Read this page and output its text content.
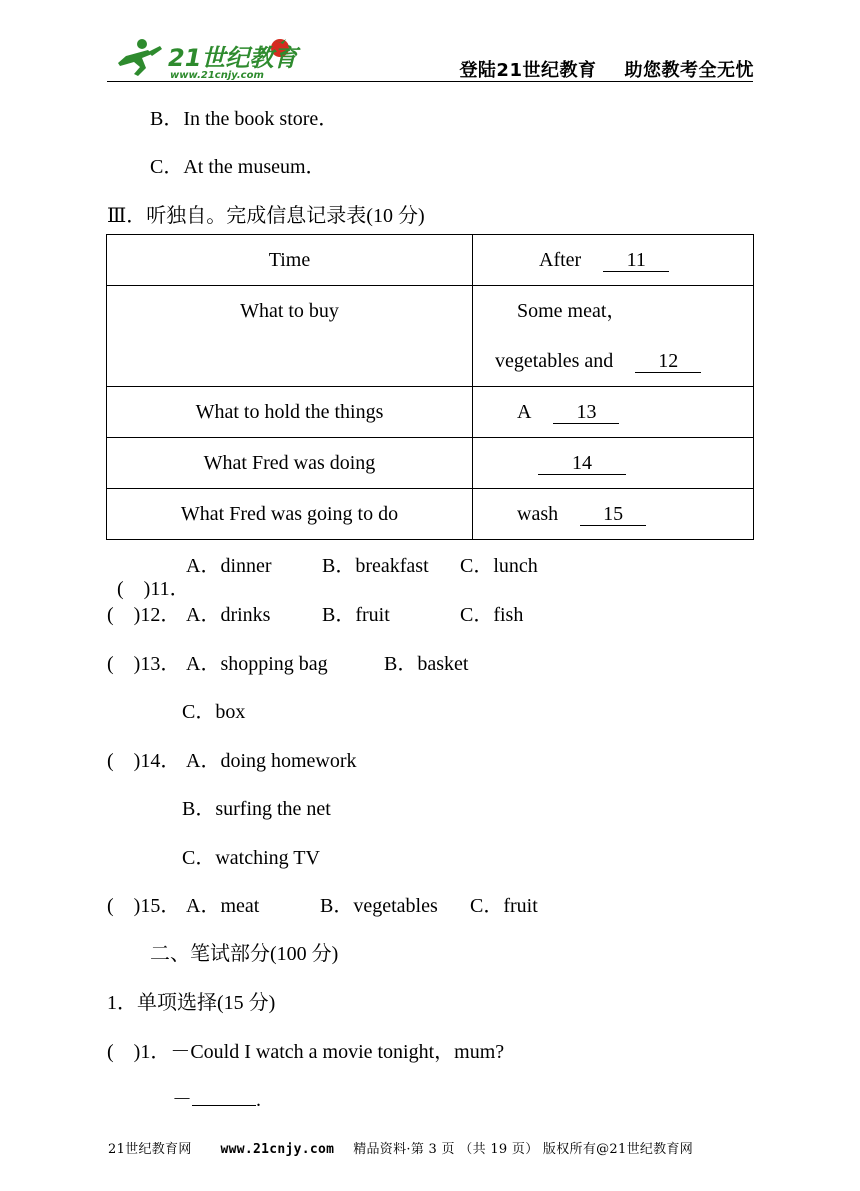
21世纪教育
www.21cnjy.com	登陆21世纪教育 助您教考全无忧
B．In the book store．
C．At the museum．
Ⅲ．听独自。完成信息记录表(10 分)
Time	After 11

What to buy	Some meat，
vegetables and 12

What to hold the things	A 13

What Fred was doing	14

What Fred was going to do	wash 15

(　)11．

A．dinner	B．breakfast C．lunch
(　)12． A．drinks	B．fruit	C．fish
(　)13． A．shopping bag	B．basket
C．box
(　)14． A．doing homework
B．surfing the net
C．watching TV
(　)15． A．meat	B．vegetables C．fruit
二、笔试部分(100 分)
1．单项选择(15 分)
(　)1．－Could I watch a movie tonight，mum?
－	.
21世纪教育网 www.21cnjy.com 精品资料·第 3 页 （共 19 页） 版权所有@21世纪教育网
